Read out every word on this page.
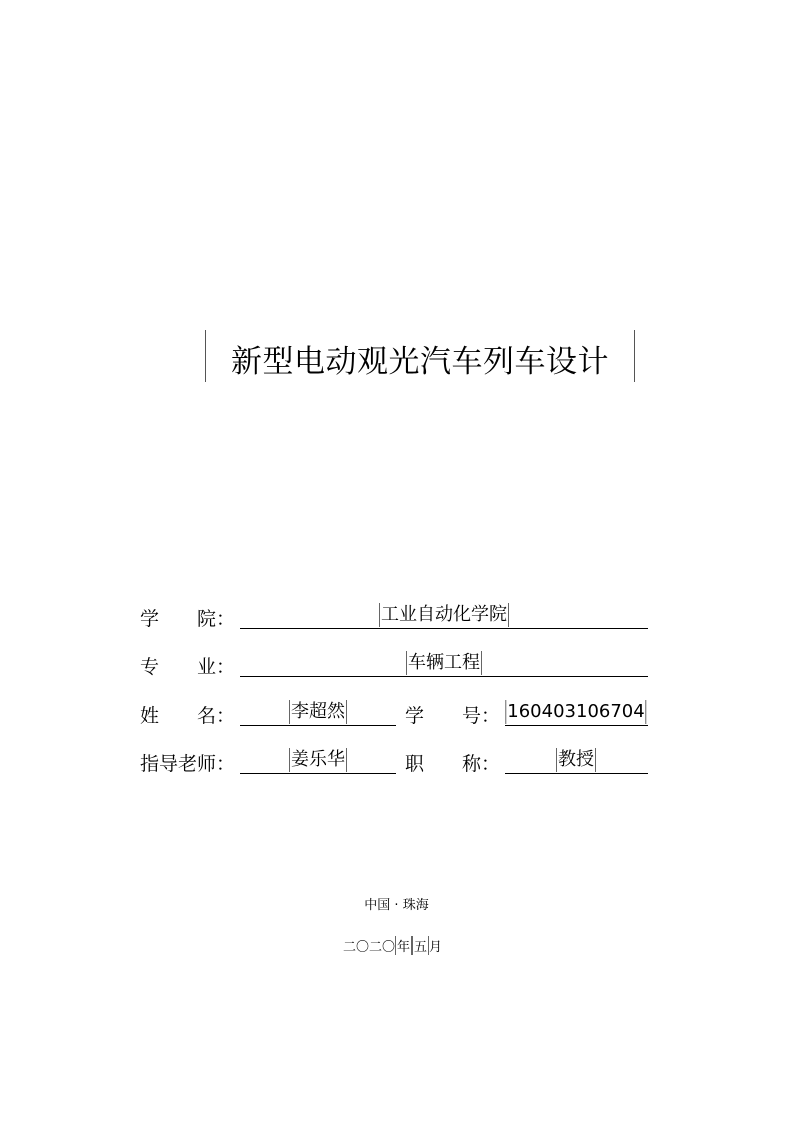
新型电动观光汽车列车设计
学　　院：	工业自动化学院
专　　业：	车辆工程
姓　　名：	李超然	学　　号： 160403106704
指导老师：	姜乐华	职　　称：	教授
中国 · 珠海
二〇二〇 年 五 月
